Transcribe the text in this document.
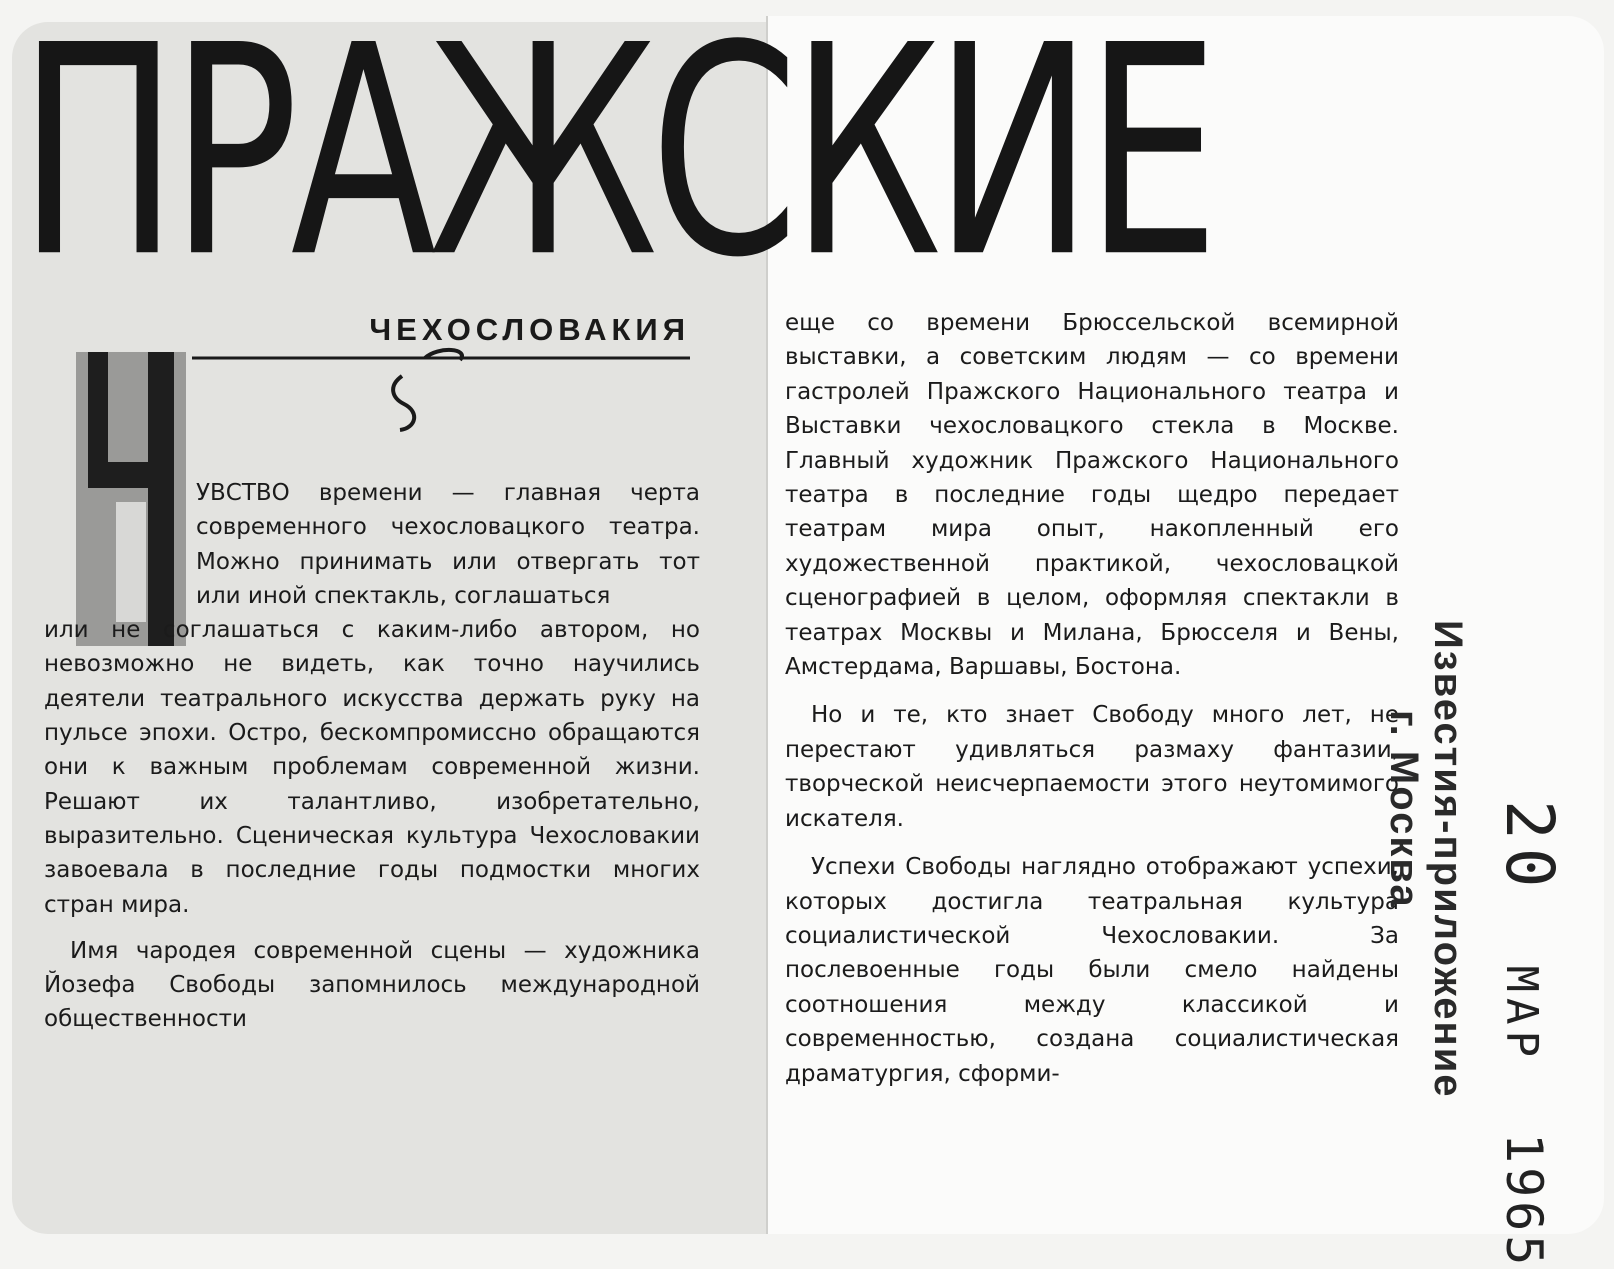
ПРАЖСКИЕ
ЧЕХОСЛОВАКИЯ

УВСТВО времени — главная черта современного чехословацкого театра. Можно принимать или отвергать тот или иной спектакль, соглашаться

или не соглашаться с каким-либо автором, но невозможно не видеть, как точно научились деятели театрального искусства держать руку на пульсе эпохи. Остро, бескомпромиссно обращаются они к важным проблемам современной жизни. Решают их талантливо, изобретательно, выразительно. Сценическая культура Чехословакии завоевала в последние годы подмостки многих стран мира.

Имя чародея современной сцены — художника Йозефа Свободы запомнилось международной общественности

еще со времени Брюссельской всемирной выставки, а советским людям — со времени гастролей Пражского Национального театра и Выставки чехословацкого стекла в Москве. Главный художник Пражского Национального театра в последние годы щедро передает театрам мира опыт, накопленный его художественной практикой, чехословацкой сценографией в целом, оформляя спектакли в театрах Москвы и Милана, Брюсселя и Вены, Амстердама, Варшавы, Бостона.

Но и те, кто знает Свободу много лет, не перестают удивляться размаху фантазии, творческой неисчерпаемости этого неутомимого искателя.

Успехи Свободы наглядно отображают успехи, которых достигла театральная культура социалистической Чехословакии. За послевоенные годы были смело найдены соотношения между классикой и современностью, создана социалистическая драматургия, сформи-	Известия-приложение
г. Москва 20МАР1965
